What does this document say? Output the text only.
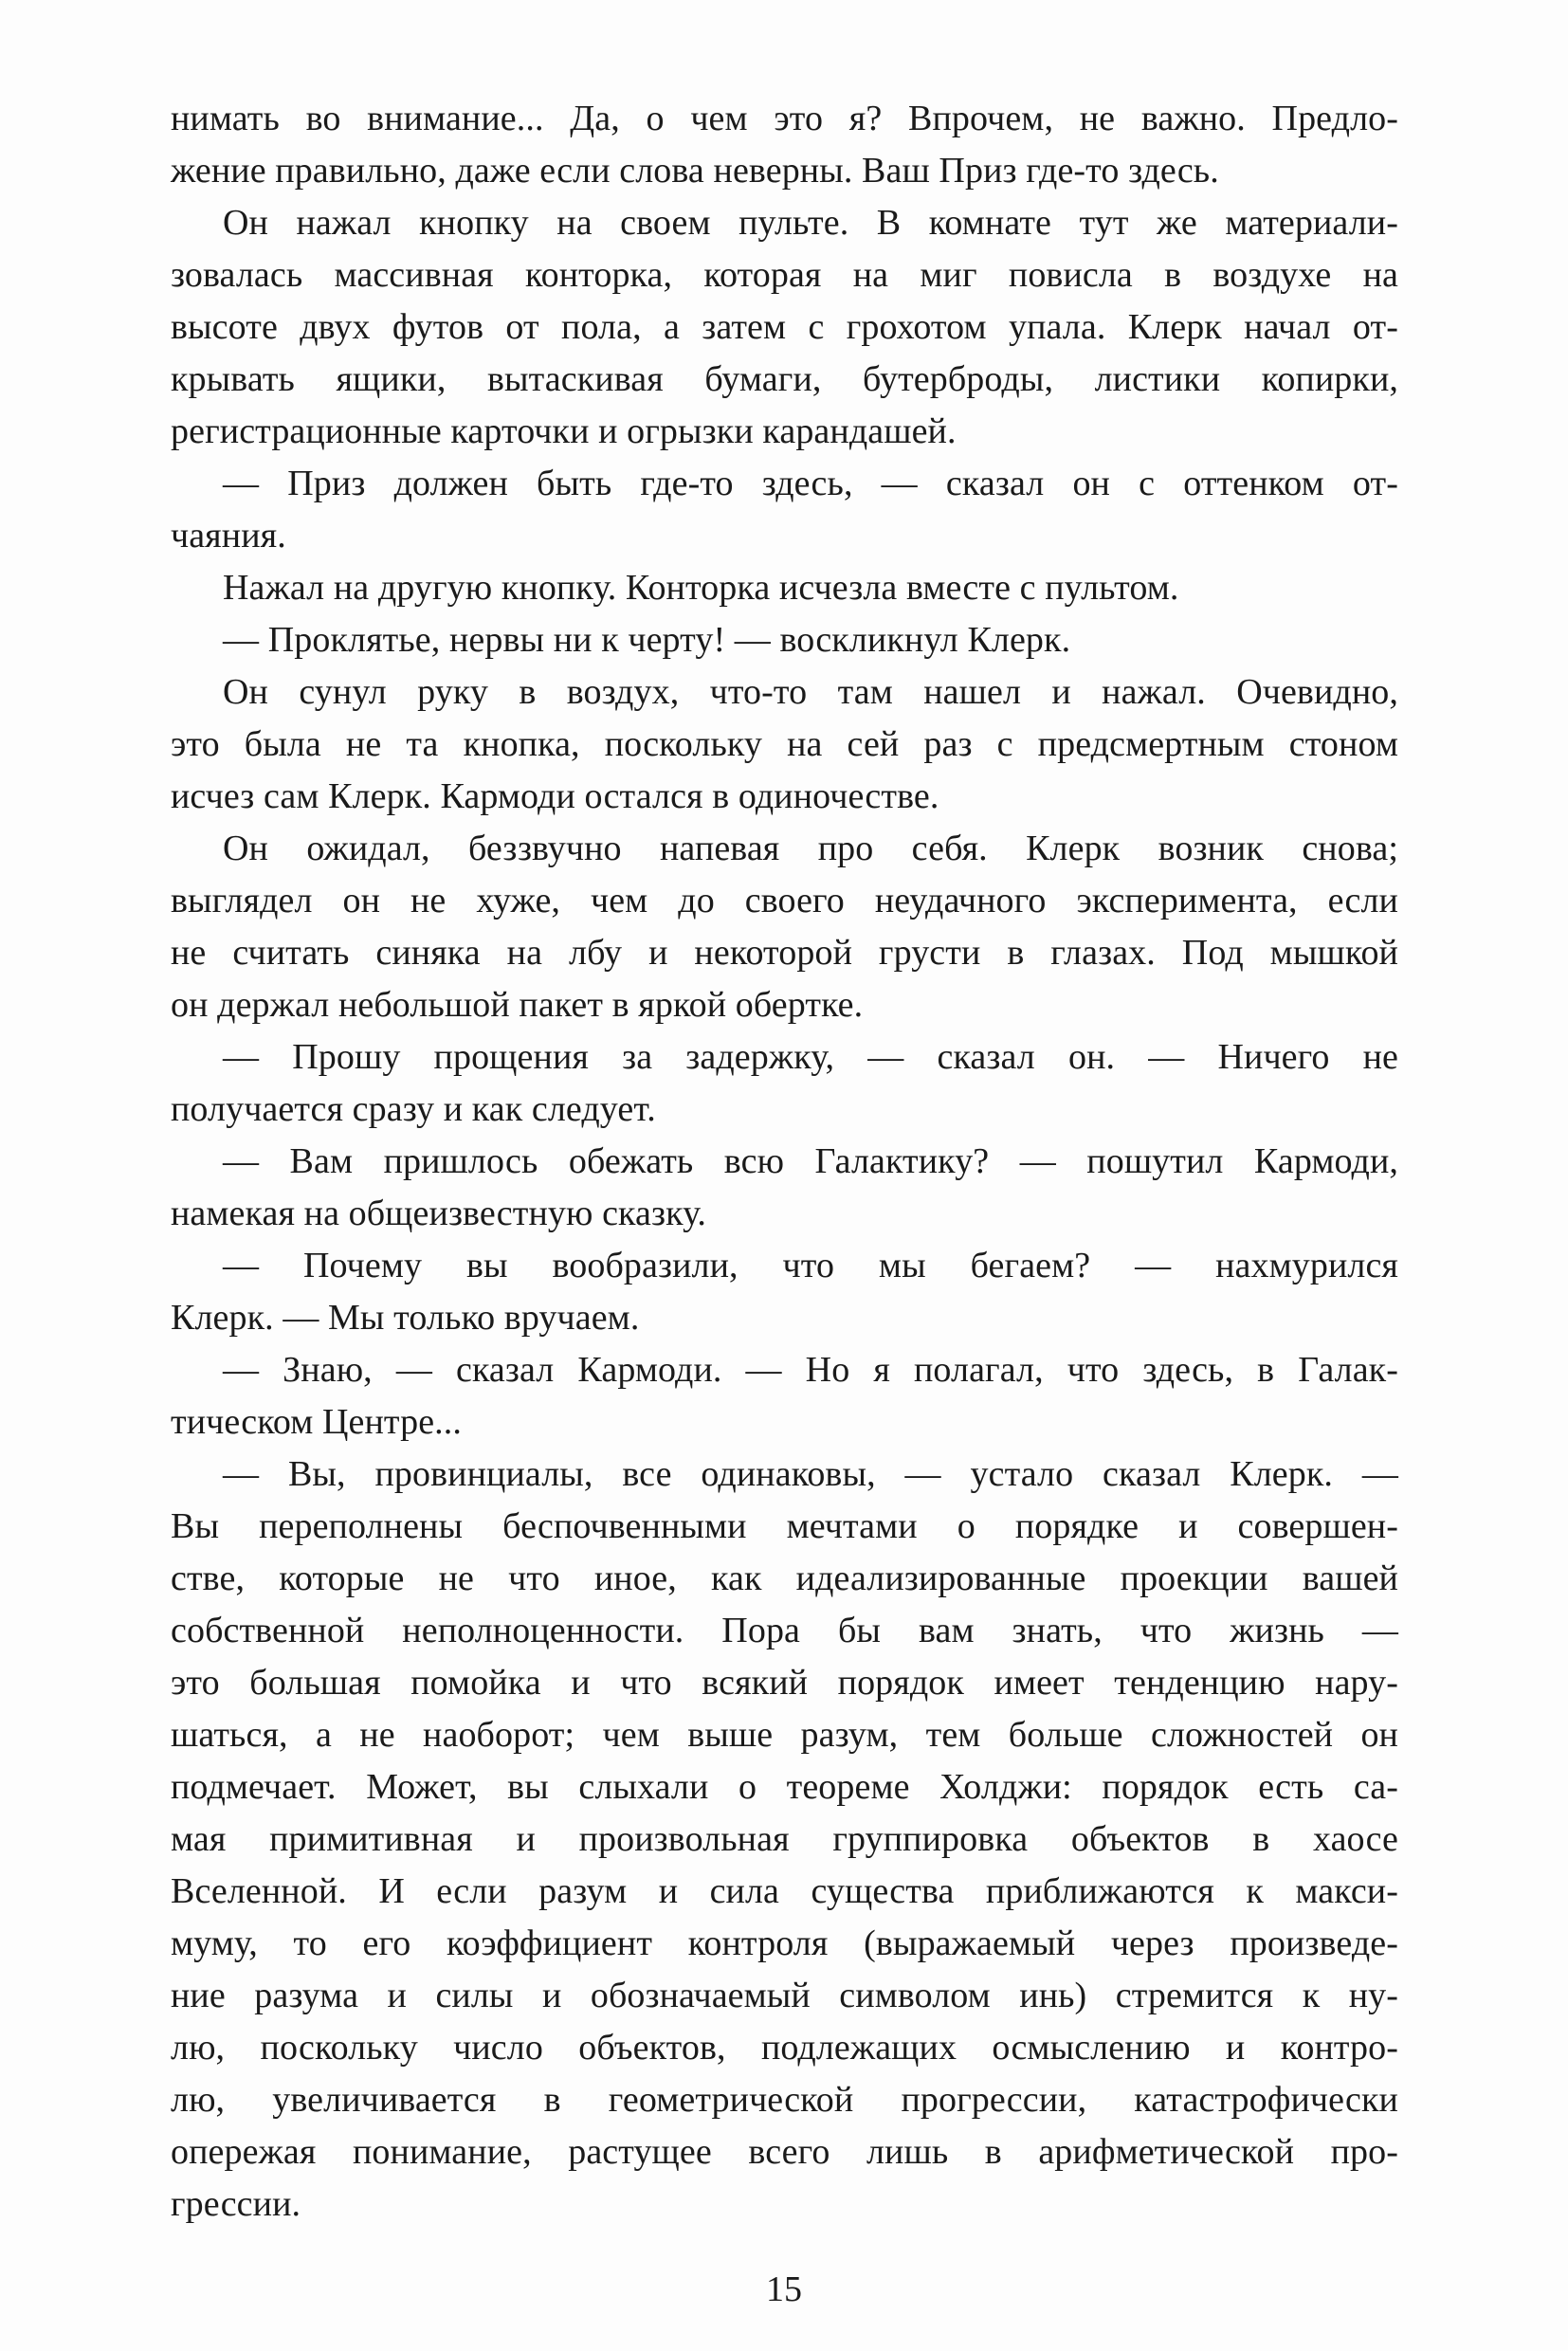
нимать во внимание... Да, о чем это я? Впрочем, не важно. Предло-

жение правильно, даже если слова неверны. Ваш Приз где-то здесь.

Он нажал кнопку на своем пульте. В комнате тут же материали-

зовалась массивная конторка, которая на миг повисла в воздухе на

высоте двух футов от пола, а затем с грохотом упала. Клерк начал от-

крывать ящики, вытаскивая бумаги, бутерброды, листики копирки,

регистрационные карточки и огрызки карандашей.

— Приз должен быть где-то здесь, — сказал он с оттенком от-

чаяния.

Нажал на другую кнопку. Конторка исчезла вместе с пультом.

— Проклятье, нервы ни к черту! — воскликнул Клерк.

Он сунул руку в воздух, что-то там нашел и нажал. Очевидно,

это была не та кнопка, поскольку на сей раз с предсмертным стоном

исчез сам Клерк. Кармоди остался в одиночестве.

Он ожидал, беззвучно напевая про себя. Клерк возник снова;

выглядел он не хуже, чем до своего неудачного эксперимента, если

не считать синяка на лбу и некоторой грусти в глазах. Под мышкой

он держал небольшой пакет в яркой обертке.

— Прошу прощения за задержку, — сказал он. — Ничего не

получается сразу и как следует.

— Вам пришлось обежать всю Галактику? — пошутил Кармоди,

намекая на общеизвестную сказку.

— Почему вы вообразили, что мы бегаем? — нахмурился

Клерк. — Мы только вручаем.

— Знаю, — сказал Кармоди. — Но я полагал, что здесь, в Галак-

тическом Центре...

— Вы, провинциалы, все одинаковы, — устало сказал Клерк. —

Вы переполнены беспочвенными мечтами о порядке и совершен-

стве, которые не что иное, как идеализированные проекции вашей

собственной неполноценности. Пора бы вам знать, что жизнь —

это большая помойка и что всякий порядок имеет тенденцию нару-

шаться, а не наоборот; чем выше разум, тем больше сложностей он

подмечает. Может, вы слыхали о теореме Холджи: порядок есть са-

мая примитивная и произвольная группировка объектов в хаосе

Вселенной. И если разум и сила существа приближаются к макси-

муму, то его коэффициент контроля (выражаемый через произведе-

ние разума и силы и обозначаемый символом инь) стремится к ну-

лю, поскольку число объектов, подлежащих осмыслению и контро-

лю, увеличивается в геометрической прогрессии, катастрофически

опережая понимание, растущее всего лишь в арифметической про-

грессии.

15
